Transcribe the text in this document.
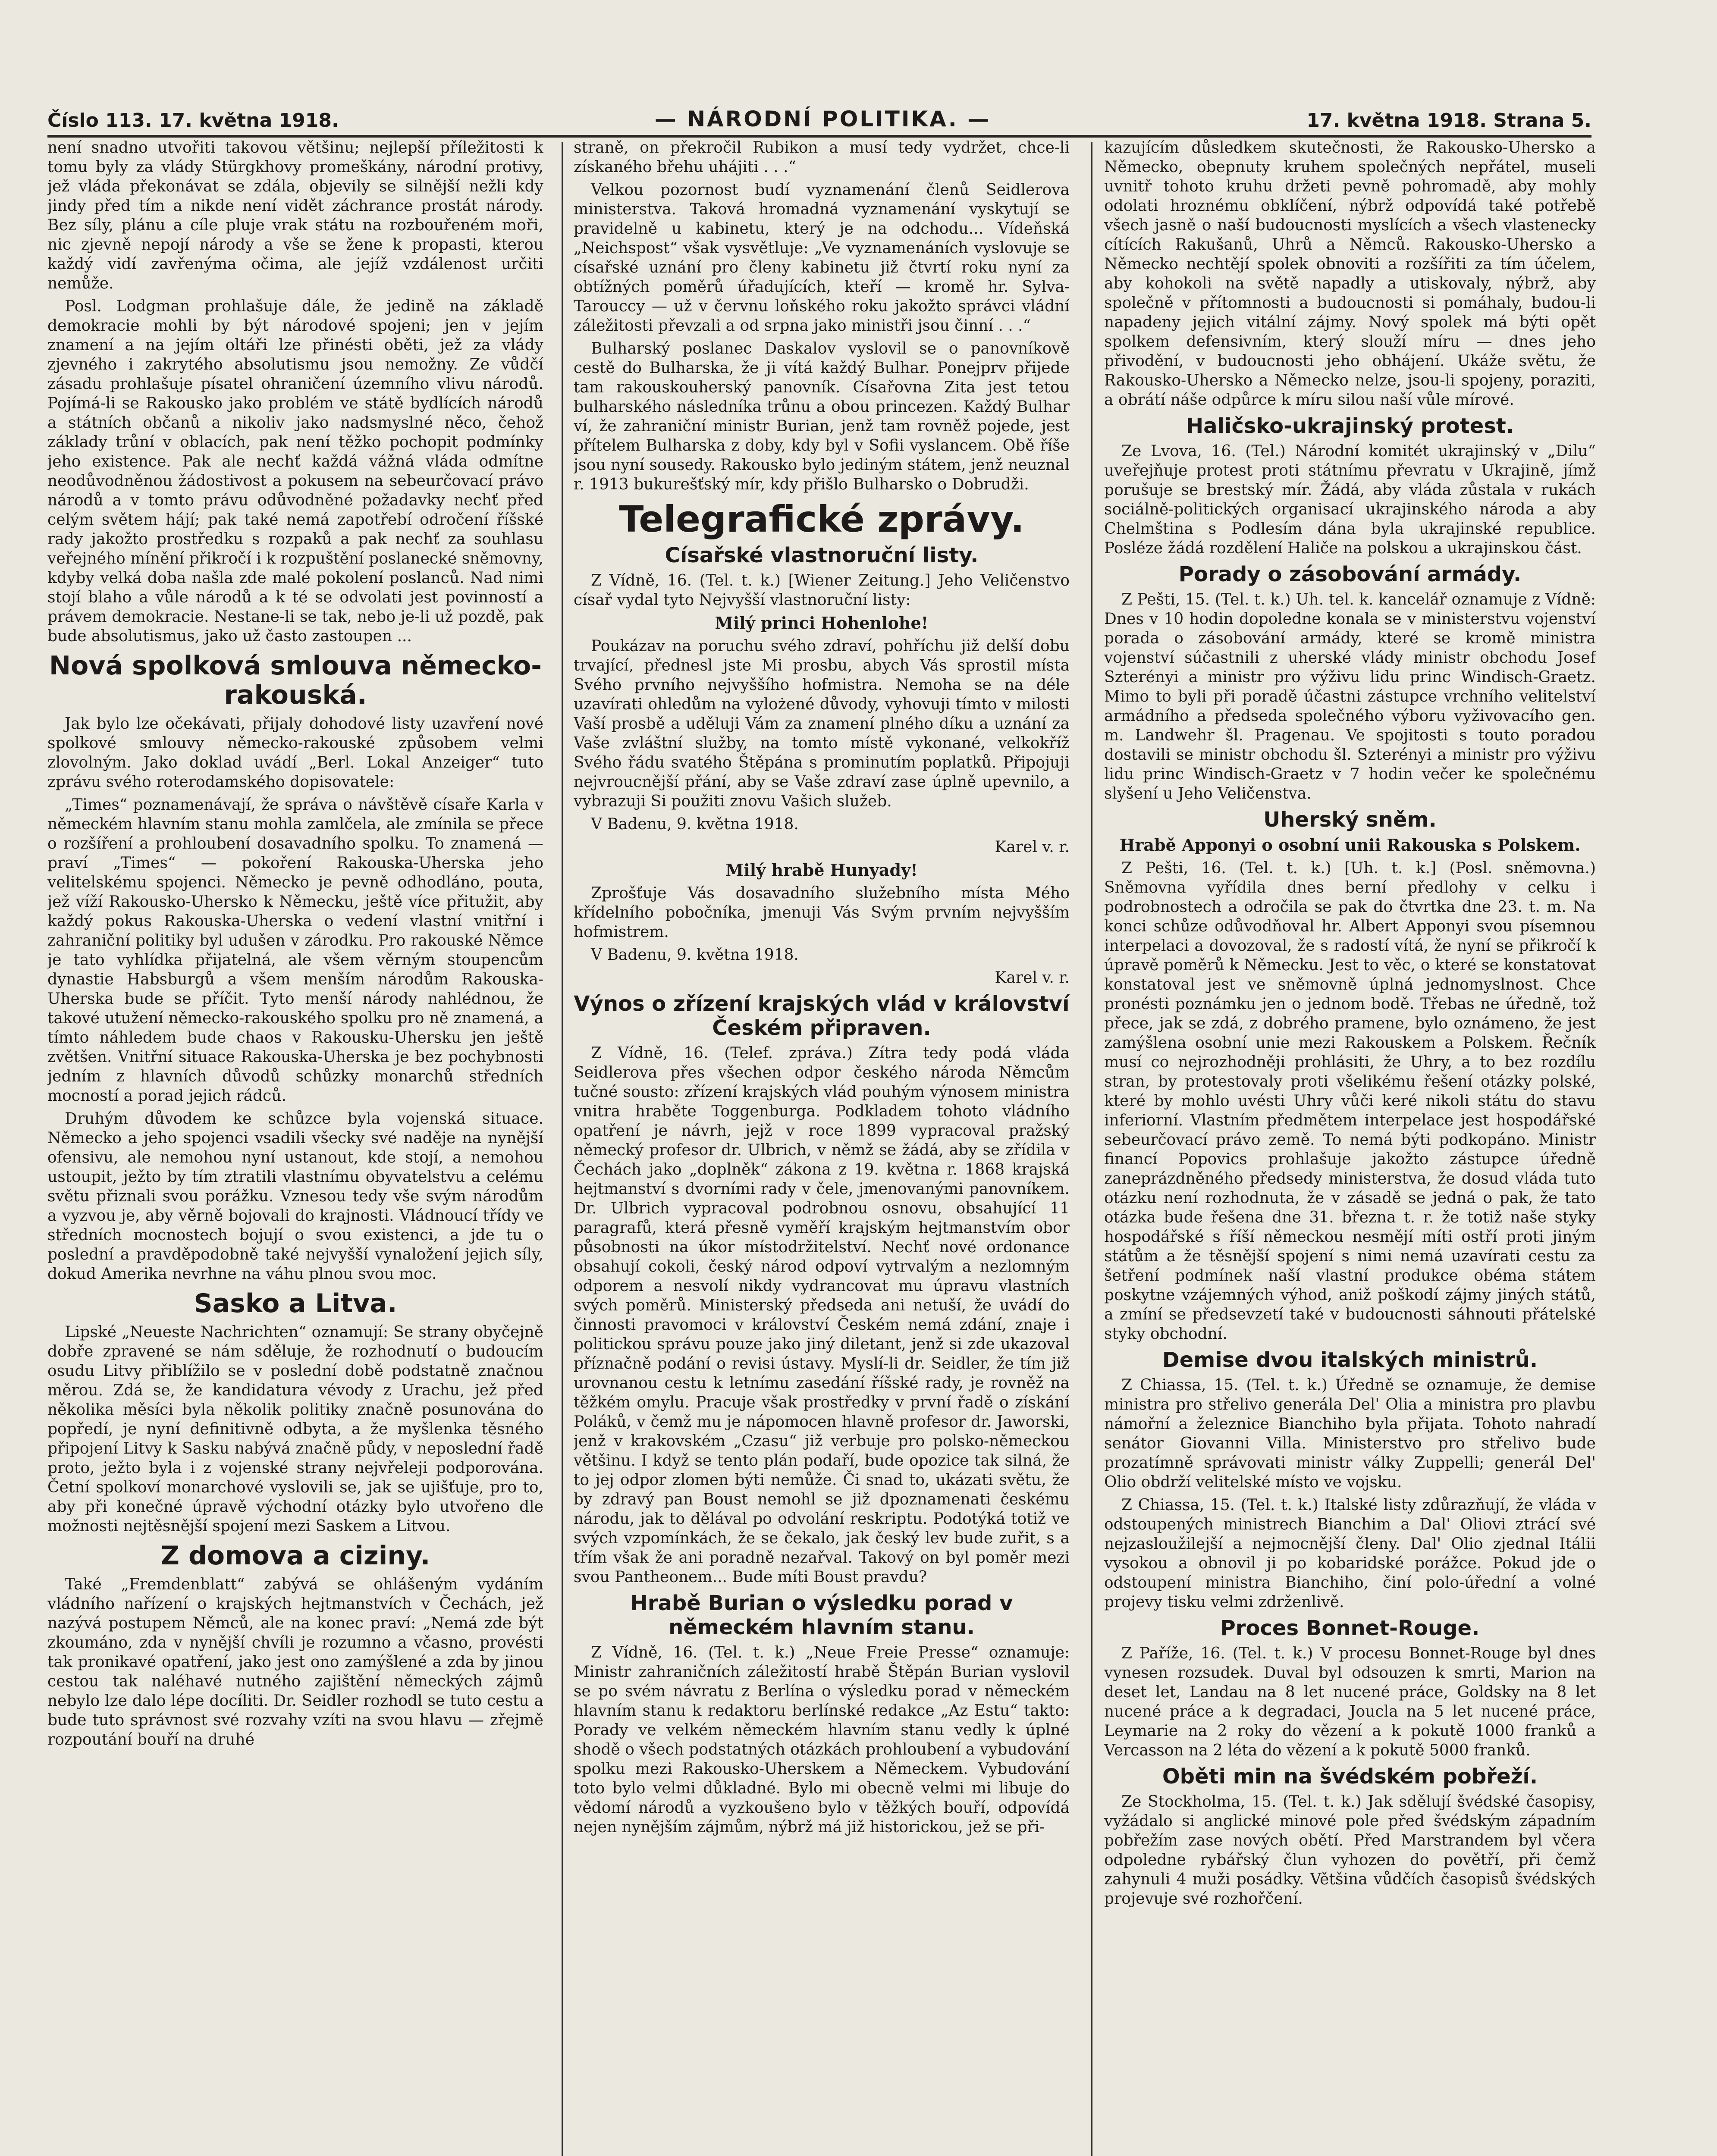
Číslo 113. 17. května 1918.	— NÁRODNÍ POLITIKA. —	17. května 1918. Strana 5.

není snadno utvořiti takovou většinu; nejlepší příležitosti k tomu byly za vlády Stürgkhovy promeškány, národní protivy, jež vláda překonávat se zdála, objevily se silnější nežli kdy jindy před tím a nikde není vidět záchrance prostát národy. Bez síly, plánu a cíle pluje vrak státu na rozbouřeném moři, nic zjevně nepojí národy a vše se žene k propasti, kterou každý vidí zavřenýma očima, ale jejíž vzdálenost určiti nemůže.

Posl. Lodgman prohlašuje dále, že jedině na základě demokracie mohli by být národové spojeni; jen v jejím znamení a na jejím oltáři lze přinésti oběti, jež za vlády zjevného i zakrytého absolutismu jsou nemožny. Ze vůdčí zásadu prohlašuje písatel ohraničení územního vlivu národů. Pojímá-li se Rakousko jako problém ve státě bydlících národů a státních občanů a nikoliv jako nadsmyslné něco, čehož základy trůní v oblacích, pak není těžko pochopit podmínky jeho existence. Pak ale nechť každá vážná vláda odmítne neodůvodněnou žádostivost a pokusem na sebeurčovací právo národů a v tomto právu odůvodněné požadavky nechť před celým světem hájí; pak také nemá zapotřebí odročení říšské rady jakožto prostředku s rozpaků a pak nechť za souhlasu veřejného mínění přikročí i k rozpuštění poslanecké sněmovny, kdyby velká doba našla zde malé pokolení poslanců. Nad nimi stojí blaho a vůle národů a k té se odvolati jest povinností a právem demokracie. Nestane-li se tak, nebo je-li už pozdě, pak bude absolutismus, jako už často zastoupen ...

Nová spolková smlouva německo-rakouská.

Jak bylo lze očekávati, přijaly dohodové listy uzavření nové spolkové smlouvy německo-rakouské způsobem velmi zlovolným. Jako doklad uvádí „Berl. Lokal Anzeiger“ tuto zprávu svého roterodamského dopisovatele:

„Times“ poznamenávají, že správa o návštěvě císaře Karla v německém hlavním stanu mohla zamlčela, ale zmínila se přece o rozšíření a prohloubení dosavadního spolku. To znamená — praví „Times“ — pokoření Rakouska-Uherska jeho velitelskému spojenci. Německo je pevně odhodláno, pouta, jež víží Rakousko-Uhersko k Německu, ještě více přitužit, aby každý pokus Rakouska-Uherska o vedení vlastní vnitřní i zahraniční politiky byl udušen v zárodku. Pro rakouské Němce je tato vyhlídka přijatelná, ale všem věrným stoupencům dynastie Habsburgů a všem menším národům Rakouska-Uherska bude se příčit. Tyto menší národy nahlédnou, že takové utužení německo-rakouského spolku pro ně znamená, a tímto náhledem bude chaos v Rakousku-Uhersku jen ještě zvětšen. Vnitřní situace Rakouska-Uherska je bez pochybnosti jedním z hlavních důvodů schůzky monarchů středních mocností a porad jejich rádců.

Druhým důvodem ke schůzce byla vojenská situace. Německo a jeho spojenci vsadili všecky své naděje na nynější ofensivu, ale nemohou nyní ustanout, kde stojí, a nemohou ustoupit, ježto by tím ztratili vlastnímu obyvatelstvu a celému světu přiznali svou porážku. Vznesou tedy vše svým národům a vyzvou je, aby věrně bojovali do krajnosti. Vládnoucí třídy ve středních mocnostech bojují o svou existenci, a jde tu o poslední a pravděpodobně také nejvyšší vynaložení jejich síly, dokud Amerika nevrhne na váhu plnou svou moc.

Sasko a Litva.

Lipské „Neueste Nachrichten“ oznamují: Se strany obyčejně dobře zpravené se nám sděluje, že rozhodnutí o budoucím osudu Litvy přiblížilo se v poslední době podstatně značnou měrou. Zdá se, že kandidatura vévody z Urachu, jež před několika měsíci byla několik politiky značně posunována do popředí, je nyní definitivně odbyta, a že myšlenka těsného připojení Litvy k Sasku nabývá značně půdy, v neposlední řadě proto, ježto byla i z vojenské strany nejvřeleji podporována. Četní spolkoví monarchové vyslovili se, jak se ujišťuje, pro to, aby při konečné úpravě východní otázky bylo utvořeno dle možnosti nejtěsnější spojení mezi Saskem a Litvou.

Z domova a ciziny.

Také „Fremdenblatt“ zabývá se ohlášeným vydáním vládního nařízení o krajských hejtmanstvích v Čechách, jež nazývá postupem Němců, ale na konec praví: „Nemá zde být zkoumáno, zda v nynější chvíli je rozumno a včasno, provésti tak pronikavé opatření, jako jest ono zamýšlené a zda by jinou cestou tak naléhavé nutného zajištění německých zájmů nebylo lze dalo lépe docíliti. Dr. Seidler rozhodl se tuto cestu a bude tuto správnost své rozvahy vzíti na svou hlavu — zřejmě rozpoutání bouří na druhé

straně, on překročil Rubikon a musí tedy vydržet, chce-li získaného břehu uhájiti . . .“

Velkou pozornost budí vyznamenání členů Seidlerova ministerstva. Taková hromadná vyznamenání vyskytují se pravidelně u kabinetu, který je na odchodu... Vídeňská „Neichspost“ však vysvětluje: „Ve vyznamenáních vyslovuje se císařské uznání pro členy kabinetu již čtvrtí roku nyní za obtížných poměrů úřadujících, kteří — kromě hr. Sylva-Tarouccy — už v červnu loňského roku jakožto správci vládní záležitosti převzali a od srpna jako ministři jsou činní . . .“

Bulharský poslanec Daskalov vyslovil se o panovníkově cestě do Bulharska, že ji vítá každý Bulhar. Ponejprv přijede tam rakouskouherský panovník. Císařovna Zita jest tetou bulharského následníka trůnu a obou princezen. Každý Bulhar ví, že zahraniční ministr Burian, jenž tam rovněž pojede, jest přítelem Bulharska z doby, kdy byl v Sofii vyslancem. Obě říše jsou nyní sousedy. Rakousko bylo jediným státem, jenž neuznal r. 1913 bukurešťský mír, kdy přišlo Bulharsko o Dobrudži.

Telegrafické zprávy.
Císařské vlastnoruční listy.

Z Vídně, 16. (Tel. t. k.) [Wiener Zeitung.] Jeho Veličenstvo císař vydal tyto Nejvyšší vlastnoruční listy:

Milý princi Hohenlohe!

Poukázav na poruchu svého zdraví, pohříchu již delší dobu trvající, přednesl jste Mi prosbu, abych Vás sprostil místa Svého prvního nejvyššího hofmistra. Nemoha se na déle uzavírati ohledům na vylożené důvody, vyhovuji tímto v milosti Vaší prosbě a uděluji Vám za znamení plného díku a uznání za Vaše zvláštní služby, na tomto místě vykonané, velkokříž Svého řádu svatého Štěpána s prominutím poplatků. Připojuji nejvroucnější přání, aby se Vaše zdraví zase úplně upevnilo, a vybrazuji Si použiti znovu Vašich služeb.

V Badenu, 9. května 1918.

Karel v. r.

Milý hrabě Hunyady!

Zprošťuje Vás dosavadního služebního místa Mého křídelního pobočníka, jmenuji Vás Svým prvním nejvyšším hofmistrem.

V Badenu, 9. května 1918.

Karel v. r.

Výnos o zřízení krajských vlád v království Českém připraven.

Z Vídně, 16. (Telef. zpráva.) Zítra tedy podá vláda Seidlerova přes všechen odpor českého národa Němcům tučné sousto: zřízení krajských vlád pouhým výnosem ministra vnitra hraběte Toggenburga. Podkladem tohoto vládního opatření je návrh, jejž v roce 1899 vypracoval pražský německý profesor dr. Ulbrich, v němž se žádá, aby se zřídila v Čechách jako „doplněk“ zákona z 19. května r. 1868 krajská hejtmanství s dvorními rady v čele, jmenovanými panovníkem. Dr. Ulbrich vypracoval podrobnou osnovu, obsahující 11 paragrafů, která přesně vyměří krajským hejtmanstvím obor působnosti na úkor místodržitelství. Nechť nové ordonance obsahují cokoli, český národ odpoví vytrvalým a nezlomným odporem a nesvolí nikdy vydrancovat mu úpravu vlastních svých poměrů. Ministerský předseda ani netuší, že uvádí do činnosti pravomoci v království Českém nemá zdání, znaje i politickou správu pouze jako jiný diletant, jenž si zde ukazoval příznačně podání o revisi ústavy. Myslí-li dr. Seidler, že tím již urovnanou cestu k letnímu zasedání říšské rady, je rovněž na těžkém omylu. Pracuje však prostředky v první řadě o získání Poláků, v čemž mu je nápomocen hlavně profesor dr. Jaworski, jenž v krakovském „Czasu“ již verbuje pro polsko-německou většinu. I když se tento plán podaří, bude opozice tak silná, že to jej odpor zlomen býti nemůže. Či snad to, ukázati světu, že by zdravý pan Boust nemohl se již dpoznamenati českému národu, jak to dělával po odvolání reskriptu. Podotýká totiž ve svých vzpomínkách, že se čekalo, jak český lev bude zuřit, s a třím však že ani poradně nezařval. Takový on byl poměr mezi svou Pantheonem... Bude míti Boust pravdu?

Hrabě Burian o výsledku porad v německém hlavním stanu.

Z Vídně, 16. (Tel. t. k.) „Neue Freie Presse“ oznamuje: Ministr zahraničních záležitostí hrabě Štěpán Burian vyslovil se po svém návratu z Berlína o výsledku porad v německém hlavním stanu k redaktoru berlínské redakce „Az Estu“ takto: Porady ve velkém německém hlavním stanu vedly k úplné shodě o všech podstatných otázkách prohloubení a vybudování spolku mezi Rakousko-Uherskem a Německem. Vybudování toto bylo velmi důkladné. Bylo mi obecně velmi mi libuje do vědomí národů a vyzkoušeno bylo v těžkých bouří, odpovídá nejen nynějším zájmům, nýbrž má již historickou, jež se při-

kazujícím důsledkem skutečnosti, že Rakousko-Uhersko a Německo, obepnuty kruhem společných nepřátel, museli uvnitř tohoto kruhu držeti pevně pohromadě, aby mohly odolati hroznému obklíčení, nýbrž odpovídá také potřebě všech jasně o naší budoucnosti myslících a všech vlastenecky cítících Rakušanů, Uhrů a Němců. Rakousko-Uhersko a Německo nechtějí spolek obnoviti a rozšířiti za tím účelem, aby kohokoli na světě napadly a utiskovaly, nýbrž, aby společně v přítomnosti a budoucnosti si pomáhaly, budou-li napadeny jejich vitální zájmy. Nový spolek má býti opět spolkem defensivním, který slouží míru — dnes jeho přivodění, v budoucnosti jeho obhájení. Ukáže světu, že Rakousko-Uhersko a Německo nelze, jsou-li spojeny, poraziti, a obrátí náše odpůrce k míru silou naší vůle mírové.

Haličsko-ukrajinský protest.

Ze Lvova, 16. (Tel.) Národní komitét ukrajinský v „Dilu“ uveřejňuje protest proti státnímu převratu v Ukrajině, jímž porušuje se brestský mír. Žádá, aby vláda zůstala v rukách sociálně-politických organisací ukrajinského národa a aby Chelmština s Podlesím dána byla ukrajinské republice. Posléze žádá rozdělení Haliče na polskou a ukrajinskou část.

Porady o zásobování armády.

Z Pešti, 15. (Tel. t. k.) Uh. tel. k. kancelář oznamuje z Vídně: Dnes v 10 hodin dopoledne konala se v ministerstvu vojenství porada o zásobování armády, které se kromě ministra vojenství súčastnili z uherské vlády ministr obchodu Josef Szterényi a ministr pro výživu lidu princ Windisch-Graetz. Mimo to byli při poradě účastni zástupce vrchního velitelství armádního a předseda společného výboru vyživovacího gen. m. Landwehr šl. Pragenau. Ve spojitosti s touto poradou dostavili se ministr obchodu šl. Szterényi a ministr pro výživu lidu princ Windisch-Graetz v 7 hodin večer ke společnému slyšení u Jeho Veličenstva.

Uherský sněm.
Hrabě Apponyi o osobní unii Rakouska s Polskem.

Z Pešti, 16. (Tel. t. k.) [Uh. t. k.] (Posl. sněmovna.) Sněmovna vyřídila dnes berní předlohy v celku i podrobnostech a odročila se pak do čtvrtka dne 23. t. m. Na konci schůze odůvodňoval hr. Albert Apponyi svou písemnou interpelaci a dovozoval, že s radostí vítá, že nyní se přikročí k úpravě poměrů k Německu. Jest to věc, o které se konstatovat konstatoval jest ve sněmovně úplná jednomyslnost. Chce pronésti poznámku jen o jednom bodě. Třebas ne úředně, tož přece, jak se zdá, z dobrého pramene, bylo oznámeno, že jest zamýšlena osobní unie mezi Rakouskem a Polskem. Řečník musí co nejrozhodněji prohlásiti, že Uhry, a to bez rozdílu stran, by protestovaly proti všelikému řešení otázky polské, které by mohlo uvésti Uhry vůči keré nikoli státu do stavu inferiorní. Vlastním předmětem interpelace jest hospodářské sebeurčovací právo země. To nemá býti podkopáno. Ministr financí Popovics prohlašuje jakožto zástupce úředně zaneprázdněného předsedy ministerstva, že dosud vláda tuto otázku není rozhodnuta, že v zásadě se jedná o pak, že tato otázka bude řešena dne 31. března t. r. že totiž naše styky hospodářské s říší německou nesmějí míti ostří proti jiným státům a že těsnější spojení s nimi nemá uzavírati cestu za šetření podmínek naší vlastní produkce obéma státem poskytne vzájemných výhod, aniž poškodí zájmy jiných států, a zmíní se předsevzetí také v budoucnosti sáhnouti přátelské styky obchodní.

Demise dvou italských ministrů.

Z Chiassa, 15. (Tel. t. k.) Úředně se oznamuje, že demise ministra pro střelivo generála Del' Olia a ministra pro plavbu námořní a železnice Bianchiho byla přijata. Tohoto nahradí senátor Giovanni Villa. Ministerstvo pro střelivo bude prozatímně správovati ministr války Zuppelli; generál Del' Olio obdrží velitelské místo ve vojsku.

Z Chiassa, 15. (Tel. t. k.) Italské listy zdůrazňují, že vláda v odstoupených ministrech Bianchim a Dal' Oliovi ztrácí své nejzasloužilejší a nejmocnější členy. Dal' Olio zjednal Itálii vysokou a obnovil ji po kobaridské porážce. Pokud jde o odstoupení ministra Bianchiho, činí polo-úřední a volné projevy tisku velmi zdrženlivě.

Proces Bonnet-Rouge.

Z Paříže, 16. (Tel. t. k.) V procesu Bonnet-Rouge byl dnes vynesen rozsudek. Duval byl odsouzen k smrti, Marion na deset let, Landau na 8 let nucené práce, Goldsky na 8 let nucené práce a k degradaci, Joucla na 5 let nucené práce, Leymarie na 2 roky do vězení a k pokutě 1000 franků a Vercasson na 2 léta do vězení a k pokutě 5000 franků.

Oběti min na švédském pobřeží.

Ze Stockholma, 15. (Tel. t. k.) Jak sdělují švédské časopisy, vyžádalo si anglické minové pole před švédským západním pobřežím zase nových obětí. Před Marstrandem byl včera odpoledne rybářský člun vyhozen do povětří, při čemž zahynuli 4 muži posádky. Většina vůdčích časopisů švédských projevuje své rozhořčení.
